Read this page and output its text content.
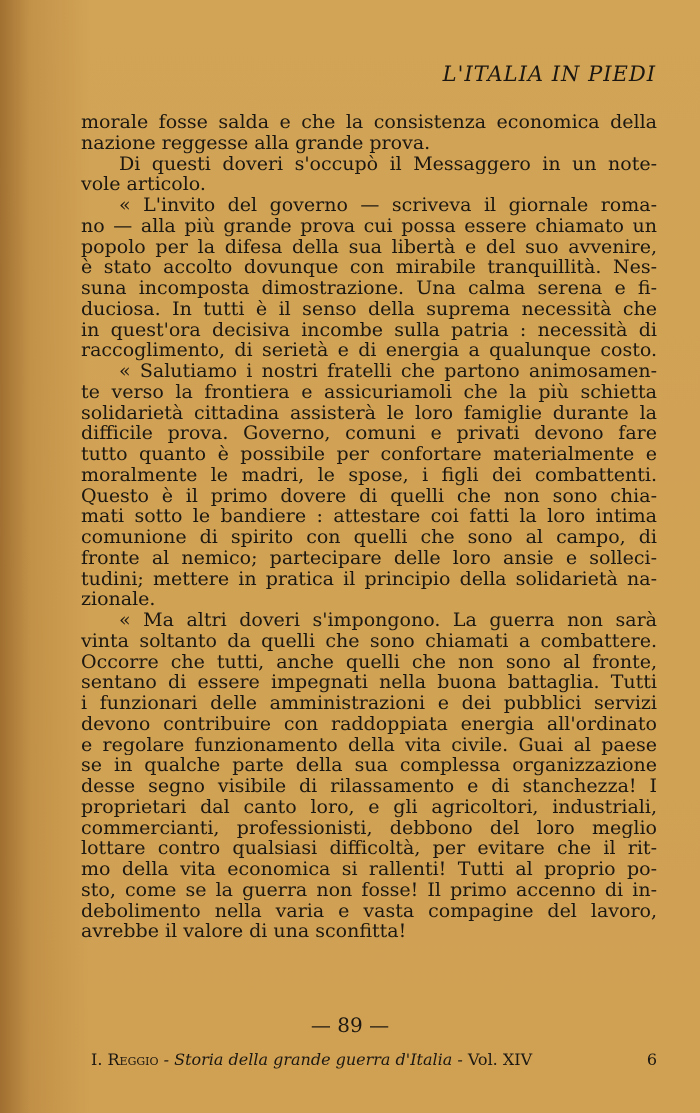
L'ITALIA IN PIEDI
morale fosse salda e che la consistenza economica della
nazione reggesse alla grande prova.
Di questi doveri s'occupò il Messaggero in un note-
vole articolo.
« L'invito del governo — scriveva il giornale roma-
no — alla più grande prova cui possa essere chiamato un
popolo per la difesa della sua libertà e del suo avvenire,
è stato accolto dovunque con mirabile tranquillità. Nes-
suna incomposta dimostrazione. Una calma serena e fi-
duciosa. In tutti è il senso della suprema necessità che
in quest'ora decisiva incombe sulla patria : necessità di
raccoglimento, di serietà e di energia a qualunque costo.
« Salutiamo i nostri fratelli che partono animosamen-
te verso la frontiera e assicuriamoli che la più schietta
solidarietà cittadina assisterà le loro famiglie durante la
difficile prova. Governo, comuni e privati devono fare
tutto quanto è possibile per confortare materialmente e
moralmente le madri, le spose, i figli dei combattenti.
Questo è il primo dovere di quelli che non sono chia-
mati sotto le bandiere : attestare coi fatti la loro intima
comunione di spirito con quelli che sono al campo, di
fronte al nemico; partecipare delle loro ansie e solleci-
tudini; mettere in pratica il principio della solidarietà na-
zionale.
« Ma altri doveri s'impongono. La guerra non sarà
vinta soltanto da quelli che sono chiamati a combattere.
Occorre che tutti, anche quelli che non sono al fronte,
sentano di essere impegnati nella buona battaglia. Tutti
i funzionari delle amministrazioni e dei pubblici servizi
devono contribuire con raddoppiata energia all'ordinato
e regolare funzionamento della vita civile. Guai al paese
se in qualche parte della sua complessa organizzazione
desse segno visibile di rilassamento e di stanchezza! I
proprietari dal canto loro, e gli agricoltori, industriali,
commercianti, professionisti, debbono del loro meglio
lottare contro qualsiasi difficoltà, per evitare che il rit-
mo della vita economica si rallenti! Tutti al proprio po-
sto, come se la guerra non fosse! Il primo accenno di in-
debolimento nella varia e vasta compagine del lavoro,
avrebbe il valore di una sconfitta!
— 89 —
I. Reggio - Storia della grande guerra d'Italia - Vol. XIV	6
